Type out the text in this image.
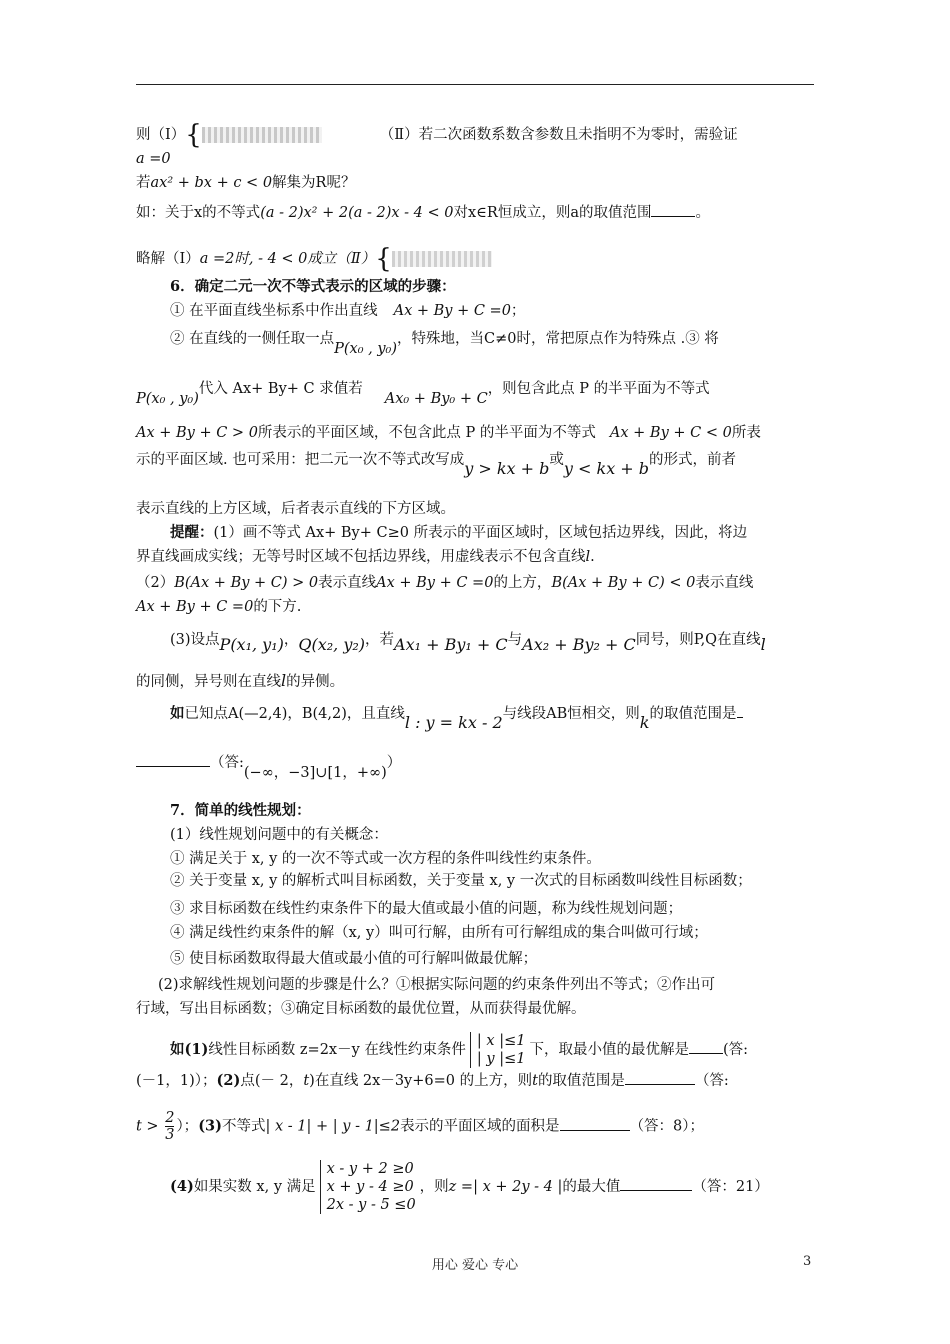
则（Ⅰ）{	（Ⅱ）若二次函数系数含参数且未指明不为零时，需验证
a =0
若ax² + bx + c < 0解集为R呢？
如：关于x的不等式(a - 2)x² + 2(a - 2)x - 4 < 0对x∈R恒成立，则a的取值范围	。
略解（Ⅰ）a =2时, - 4 < 0成立（Ⅱ）{
6．确定二元一次不等式表示的区域的步骤：
① 在平面直线坐标系中作出直线 Ax + By + C =0；
② 在直线的一侧任取一点P(x₀ , y₀)，特殊地，当C≠0时，常把原点作为特殊点 .③ 将
P(x₀ , y₀)代入 Ax+ By+ C 求值若Ax₀ + By₀ + C，则包含此点 P 的半平面为不等式
Ax + By + C > 0所表示的平面区域，不包含此点 P 的半平面为不等式 Ax + By + C < 0所表
示的平面区域. 也可采用：把二元一次不等式改写成y > kx + b或y < kx + b的形式，前者
表示直线的上方区域，后者表示直线的下方区域。
提醒：(1）画不等式 Ax+ By+ C≥0 所表示的平面区域时，区域包括边界线，因此，将边
界直线画成实线；无等号时区域不包括边界线，用虚线表示不包含直线l.
（2）B(Ax + By + C) > 0表示直线Ax + By + C =0的上方，B(Ax + By + C) < 0表示直线
Ax + By + C =0的下方.
(3)设点P(x₁, y₁)，Q(x₂, y₂)，若Ax₁ + By₁ + C与Ax₂ + By₂ + C同号，则P,Q在直线l
的同侧，异号则在直线l的异侧。
如已知点A(—2,4)，B(4,2)，且直线l : y = kx - 2与线段AB恒相交，则k的取值范围是
（答:(−∞，−3]∪[1，+∞)）
7．简单的线性规划：
(1）线性规划问题中的有关概念：
① 满足关于 x, y 的一次不等式或一次方程的条件叫线性约束条件。
② 关于变量 x, y 的解析式叫目标函数，关于变量 x, y 一次式的目标函数叫线性目标函数；
③ 求目标函数在线性约束条件下的最大值或最小值的问题，称为线性规划问题；
④ 满足线性约束条件的解（x, y）叫可行解，由所有可行解组成的集合叫做可行域；
⑤ 使目标函数取得最大值或最小值的可行解叫做最优解；
(2)求解线性规划问题的步骤是什么？①根据实际问题的约束条件列出不等式；②作出可
行域，写出目标函数；③确定目标函数的最优位置，从而获得最优解。
如(1)线性目标函数 z=2x－y 在线性约束条件| x |≤1
| y |≤1下，取最小值的最优解是 (答:
(－1，1)）；(2)点(－ 2，t)在直线 2x－3y+6=0 的上方，则t的取值范围是	（答:
$t > \frac{2}{3}$ ）；(3)不等式| x - 1| + | y - 1|≤2表示的平面区域的面积是	（答：8）；
(4)如果实数 x, y 满足x - y + 2 ≥0
x + y - 4 ≥0
2x - y - 5 ≤0，则z =| x + 2y - 4 |的最大值	（答：21）
用心 爱心 专心	3
